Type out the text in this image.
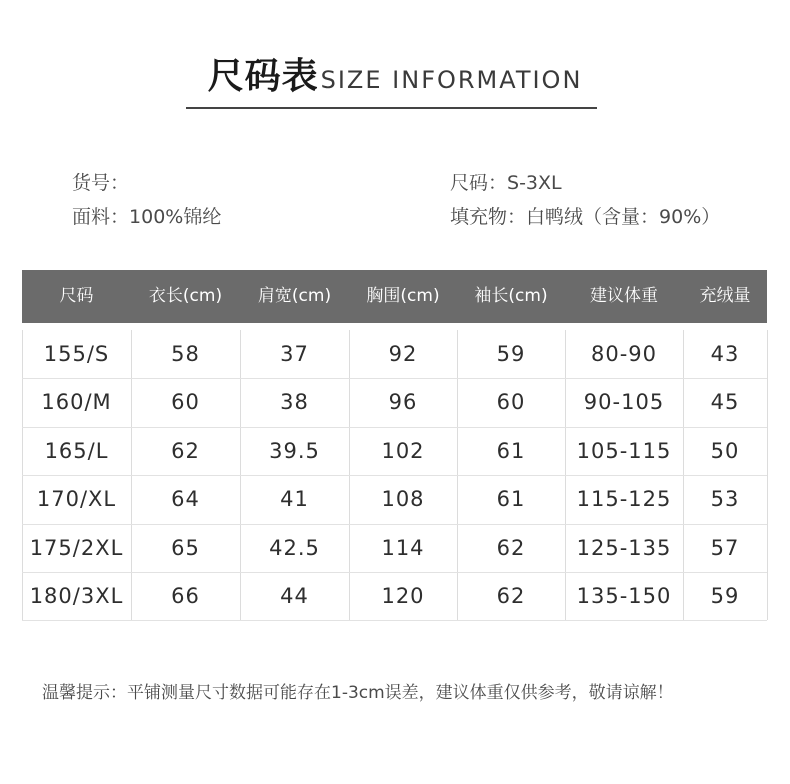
尺码表SIZE INFORMATION
货号：
面料：100%锦纶
尺码：S-3XL
填充物：白鸭绒（含量：90%）
尺码	衣长(cm)	肩宽(cm)	胸围(cm)	袖长(cm)	建议体重	充绒量
155/S	58	37	92	59	80-90	43
160/M	60	38	96	60	90-105	45
165/L	62	39.5	102	61	105-115	50
170/XL	64	41	108	61	115-125	53
175/2XL	65	42.5	114	62	125-135	57
180/3XL	66	44	120	62	135-150	59
温馨提示：平铺测量尺寸数据可能存在1-3cm误差，建议体重仅供参考，敬请谅解！
